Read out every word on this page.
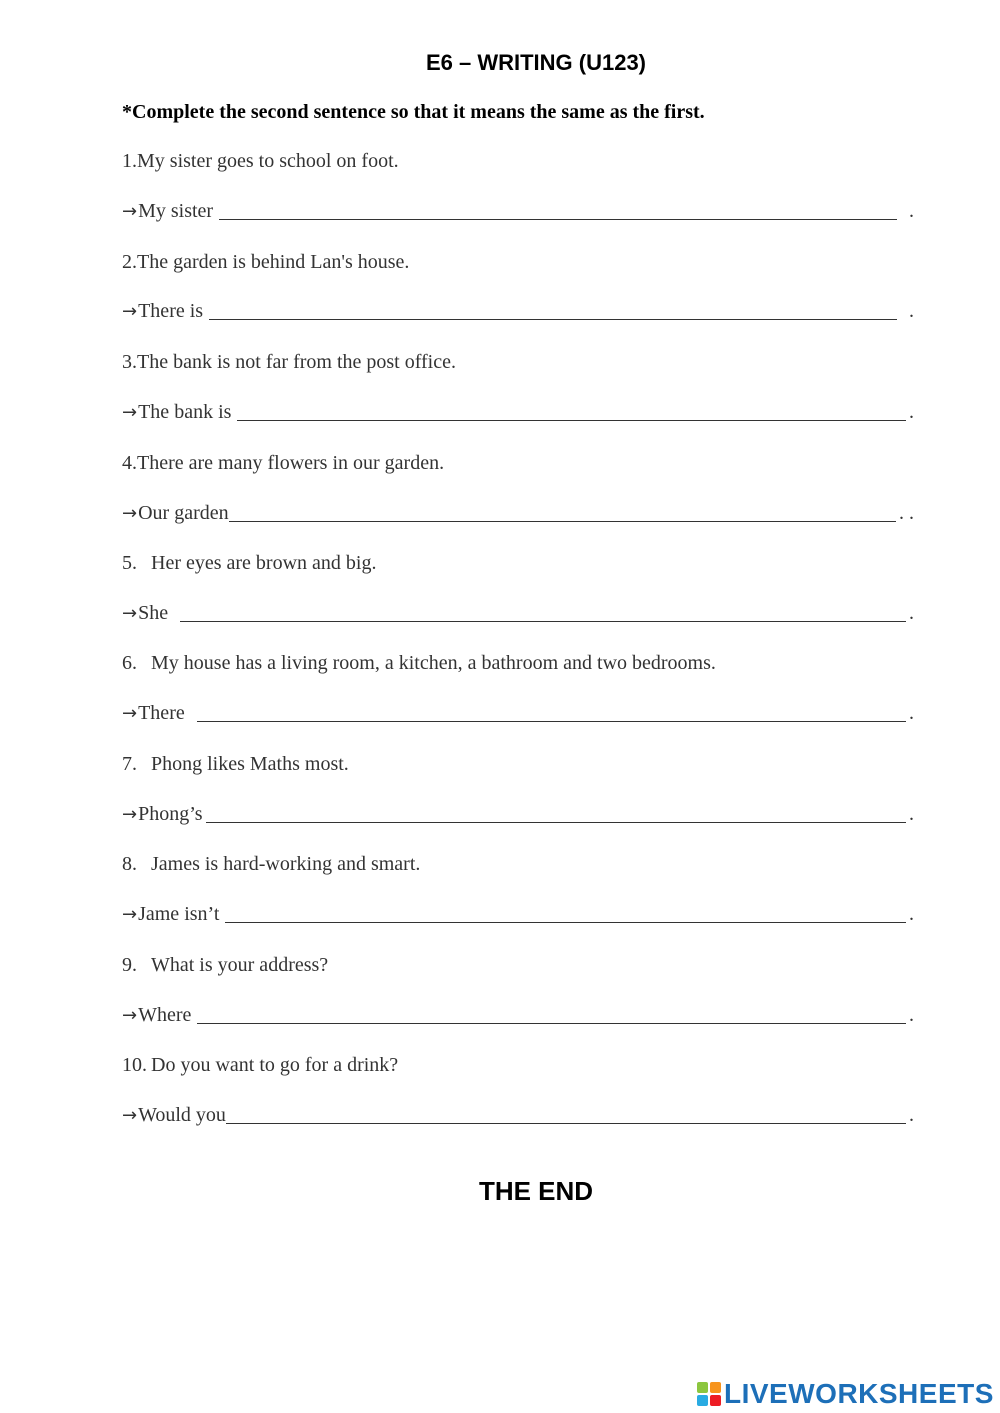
E6 – WRITING (U123)
*Complete the second sentence so that it means the same as the first.
1.My sister goes to school on foot.
→ My sister	.
2.The garden is behind Lan's house.
→ There is	.
3.The bank is not far from the post office.
→ The bank is	.
4.There are many flowers in our garden.
→ Our garden	. .
5. Her eyes are brown and big.
→ She	.
6. My house has a living room, a kitchen, a bathroom and two bedrooms.
→ There	.
7. Phong likes Maths most.
→ Phong’s	.
8. James is hard-working and smart.
→ Jame isn’t	.
9. What is your address?
→ Where	.
10. Do you want to go for a drink?
→ Would you	.
THE END
LIVEWORKSHEETS
